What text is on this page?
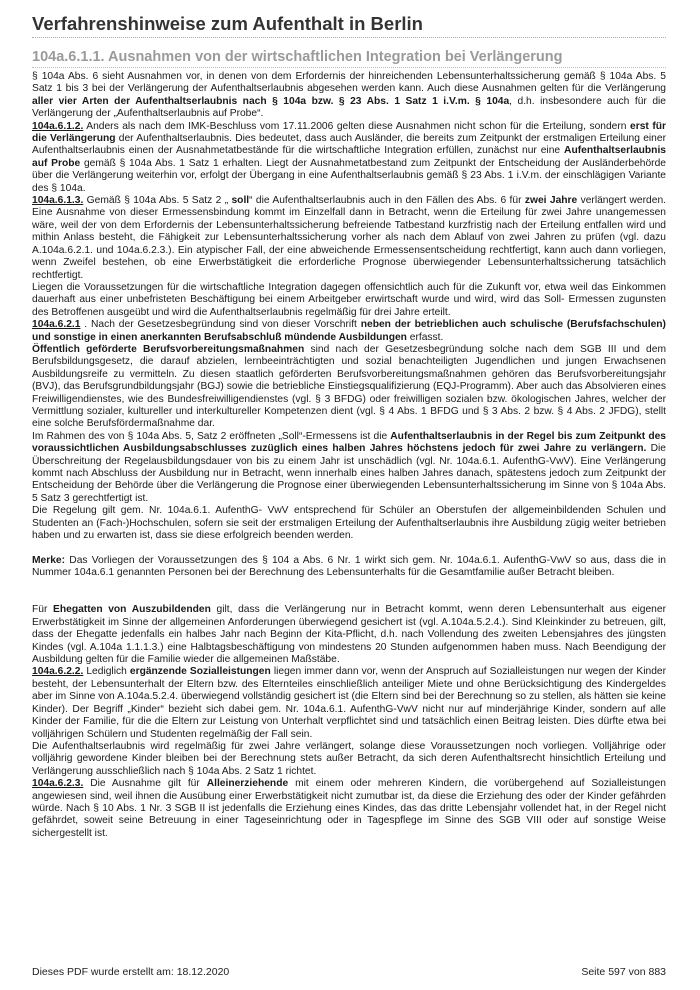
Verfahrenshinweise zum Aufenthalt in Berlin
104a.6.1.1. Ausnahmen von der wirtschaftlichen Integration bei Verlängerung

§ 104a Abs. 6 sieht Ausnahmen vor, in denen von dem Erfordernis der hinreichenden Lebensunterhaltssicherung gemäß § 104a Abs. 5 Satz 1 bis 3 bei der Verlängerung der Aufenthaltserlaubnis abgesehen werden kann. Auch diese Ausnahmen gelten für die Verlängerung aller vier Arten der Aufenthaltserlaubnis nach § 104a bzw. § 23 Abs. 1 Satz 1 i.V.m. § 104a, d.h. insbesondere auch für die Verlängerung der „Aufenthaltserlaubnis auf Probe“.

104a.6.1.2. Anders als nach dem IMK-Beschluss vom 17.11.2006 gelten diese Ausnahmen nicht schon für die Erteilung, sondern erst für die Verlängerung der Aufenthaltserlaubnis. Dies bedeutet, dass auch Ausländer, die bereits zum Zeitpunkt der erstmaligen Erteilung einer Aufenthaltserlaubnis einen der Ausnahmetatbestände für die wirtschaftliche Integration erfüllen, zunächst nur eine Aufenthaltserlaubnis auf Probe gemäß § 104a Abs. 1 Satz 1 erhalten. Liegt der Ausnahmetatbestand zum Zeitpunkt der Entscheidung der Ausländerbehörde über die Verlängerung weiterhin vor, erfolgt der Übergang in eine Aufenthaltserlaubnis gemäß § 23 Abs. 1 i.V.m. der einschlägigen Variante des § 104a.

104a.6.1.3. Gemäß § 104a Abs. 5 Satz 2 „ soll“ die Aufenthaltserlaubnis auch in den Fällen des Abs. 6 für zwei Jahre verlängert werden. Eine Ausnahme von dieser Ermessensbindung kommt im Einzelfall dann in Betracht, wenn die Erteilung für zwei Jahre unangemessen wäre, weil der von dem Erfordernis der Lebensunterhaltssicherung befreiende Tatbestand kurzfristig nach der Erteilung entfallen wird und mithin Anlass besteht, die Fähigkeit zur Lebensunterhaltssicherung vorher als nach dem Ablauf von zwei Jahren zu prüfen (vgl. dazu A.104a.6.2.1. und 104a.6.2.3.). Ein atypischer Fall, der eine abweichende Ermessensentscheidung rechtfertigt, kann auch dann vorliegen, wenn Zweifel bestehen, ob eine Erwerbstätigkeit die erforderliche Prognose überwiegender Lebensunterhaltssicherung tatsächlich rechtfertigt.

Liegen die Voraussetzungen für die wirtschaftliche Integration dagegen offensichtlich auch für die Zukunft vor, etwa weil das Einkommen dauerhaft aus einer unbefristeten Beschäftigung bei einem Arbeitgeber erwirtschaft wurde und wird, wird das Soll- Ermessen zugunsten des Betroffenen ausgeübt und wird die Aufenthaltserlaubnis regelmäßig für drei Jahre erteilt.

104a.6.2.1 . Nach der Gesetzesbegründung sind von dieser Vorschrift neben der betrieblichen auch schulische (Berufsfachschulen) und sonstige in einen anerkannten Berufsabschluß mündende Ausbildungen erfasst.

Öffentlich geförderte Berufsvorbereitungsmaßnahmen sind nach der Gesetzesbegründung solche nach dem SGB III und dem Berufsbildungsgesetz, die darauf abzielen, lernbeeinträchtigten und sozial benachteiligten Jugendlichen und jungen Erwachsenen Ausbildungsreife zu vermitteln. Zu diesen staatlich geförderten Berufsvorbereitungsmaßnahmen gehören das Berufsvorbereitungsjahr (BVJ), das Berufsgrundbildungsjahr (BGJ) sowie die betriebliche Einstiegsqualifizierung (EQJ-Programm). Aber auch das Absolvieren eines Freiwilligendienstes, wie des Bundesfreiwilligendienstes (vgl. § 3 BFDG) oder freiwilligen sozialen bzw. ökologischen Jahres, welcher der Vermittlung sozialer, kultureller und interkultureller Kompetenzen dient (vgl. § 4 Abs. 1 BFDG und § 3 Abs. 2 bzw. § 4 Abs. 2 JFDG), stellt eine solche Berufsfördermaßnahme dar.

Im Rahmen des von § 104a Abs. 5, Satz 2 eröffneten „Soll“-Ermessens ist die Aufenthaltserlaubnis in der Regel bis zum Zeitpunkt des voraussichtlichen Ausbildungsabschlusses zuzüglich eines halben Jahres höchstens jedoch für zwei Jahre zu verlängern. Die Überschreitung der Regelausbildungsdauer von bis zu einem Jahr ist unschädlich (vgl. Nr. 104a.6.1. AufenthG-VwV). Eine Verlängerung kommt nach Abschluss der Ausbildung nur in Betracht, wenn innerhalb eines halben Jahres danach, spätestens jedoch zum Zeitpunkt der Entscheidung der Behörde über die Verlängerung die Prognose einer überwiegenden Lebensunterhaltssicherung im Sinne von § 104a Abs. 5 Satz 3 gerechtfertigt ist.

Die Regelung gilt gem. Nr. 104a.6.1. AufenthG- VwV entsprechend für Schüler an Oberstufen der allgemeinbildenden Schulen und Studenten an (Fach-)Hochschulen, sofern sie seit der erstmaligen Erteilung der Aufenthaltserlaubnis ihre Ausbildung zügig weiter betrieben haben und zu erwarten ist, dass sie diese erfolgreich beenden werden.

Merke: Das Vorliegen der Voraussetzungen des § 104 a Abs. 6 Nr. 1 wirkt sich gem. Nr. 104a.6.1. AufenthG-VwV so aus, dass die in Nummer 104a.6.1 genannten Personen bei der Berechnung des Lebensunterhalts für die Gesamtfamilie außer Betracht bleiben.

Für Ehegatten von Auszubildenden gilt, dass die Verlängerung nur in Betracht kommt, wenn deren Lebensunterhalt aus eigener Erwerbstätigkeit im Sinne der allgemeinen Anforderungen überwiegend gesichert ist (vgl. A.104a.5.2.4.). Sind Kleinkinder zu betreuen, gilt, dass der Ehegatte jedenfalls ein halbes Jahr nach Beginn der Kita-Pflicht, d.h. nach Vollendung des zweiten Lebensjahres des jüngsten Kindes (vgl. A.104a 1.1.1.3.) eine Halbtagsbeschäftigung von mindestens 20 Stunden aufgenommen haben muss. Nach Beendigung der Ausbildung gelten für die Familie wieder die allgemeinen Maßstäbe.

104a.6.2.2. Lediglich ergänzende Sozialleistungen liegen immer dann vor, wenn der Anspruch auf Sozialleistungen nur wegen der Kinder besteht, der Lebensunterhalt der Eltern bzw. des Elternteiles einschließlich anteiliger Miete und ohne Berücksichtigung des Kindergeldes aber im Sinne von A.104a.5.2.4. überwiegend vollständig gesichert ist (die Eltern sind bei der Berechnung so zu stellen, als hätten sie keine Kinder). Der Begriff „Kinder“ bezieht sich dabei gem. Nr. 104a.6.1. AufenthG-VwV nicht nur auf minderjährige Kinder, sondern auf alle Kinder der Familie, für die die Eltern zur Leistung von Unterhalt verpflichtet sind und tatsächlich einen Beitrag leisten. Dies dürfte etwa bei volljährigen Schülern und Studenten regelmäßig der Fall sein.

Die Aufenthaltserlaubnis wird regelmäßig für zwei Jahre verlängert, solange diese Voraussetzungen noch vorliegen. Volljährige oder volljährig gewordene Kinder bleiben bei der Berechnung stets außer Betracht, da sich deren Aufenthaltsrecht hinsichtlich Erteilung und Verlängerung ausschließlich nach § 104a Abs. 2 Satz 1 richtet.

104a.6.2.3. Die Ausnahme gilt für Alleinerziehende mit einem oder mehreren Kindern, die vorübergehend auf Sozialleistungen angewiesen sind, weil ihnen die Ausübung einer Erwerbstätigkeit nicht zumutbar ist, da diese die Erziehung des oder der Kinder gefährden würde. Nach § 10 Abs. 1 Nr. 3 SGB II ist jedenfalls die Erziehung eines Kindes, das das dritte Lebensjahr vollendet hat, in der Regel nicht gefährdet, soweit seine Betreuung in einer Tageseinrichtung oder in Tagespflege im Sinne des SGB VIII oder auf sonstige Weise sichergestellt ist.

Dieses PDF wurde erstellt am: 18.12.2020	Seite 597 von 883
